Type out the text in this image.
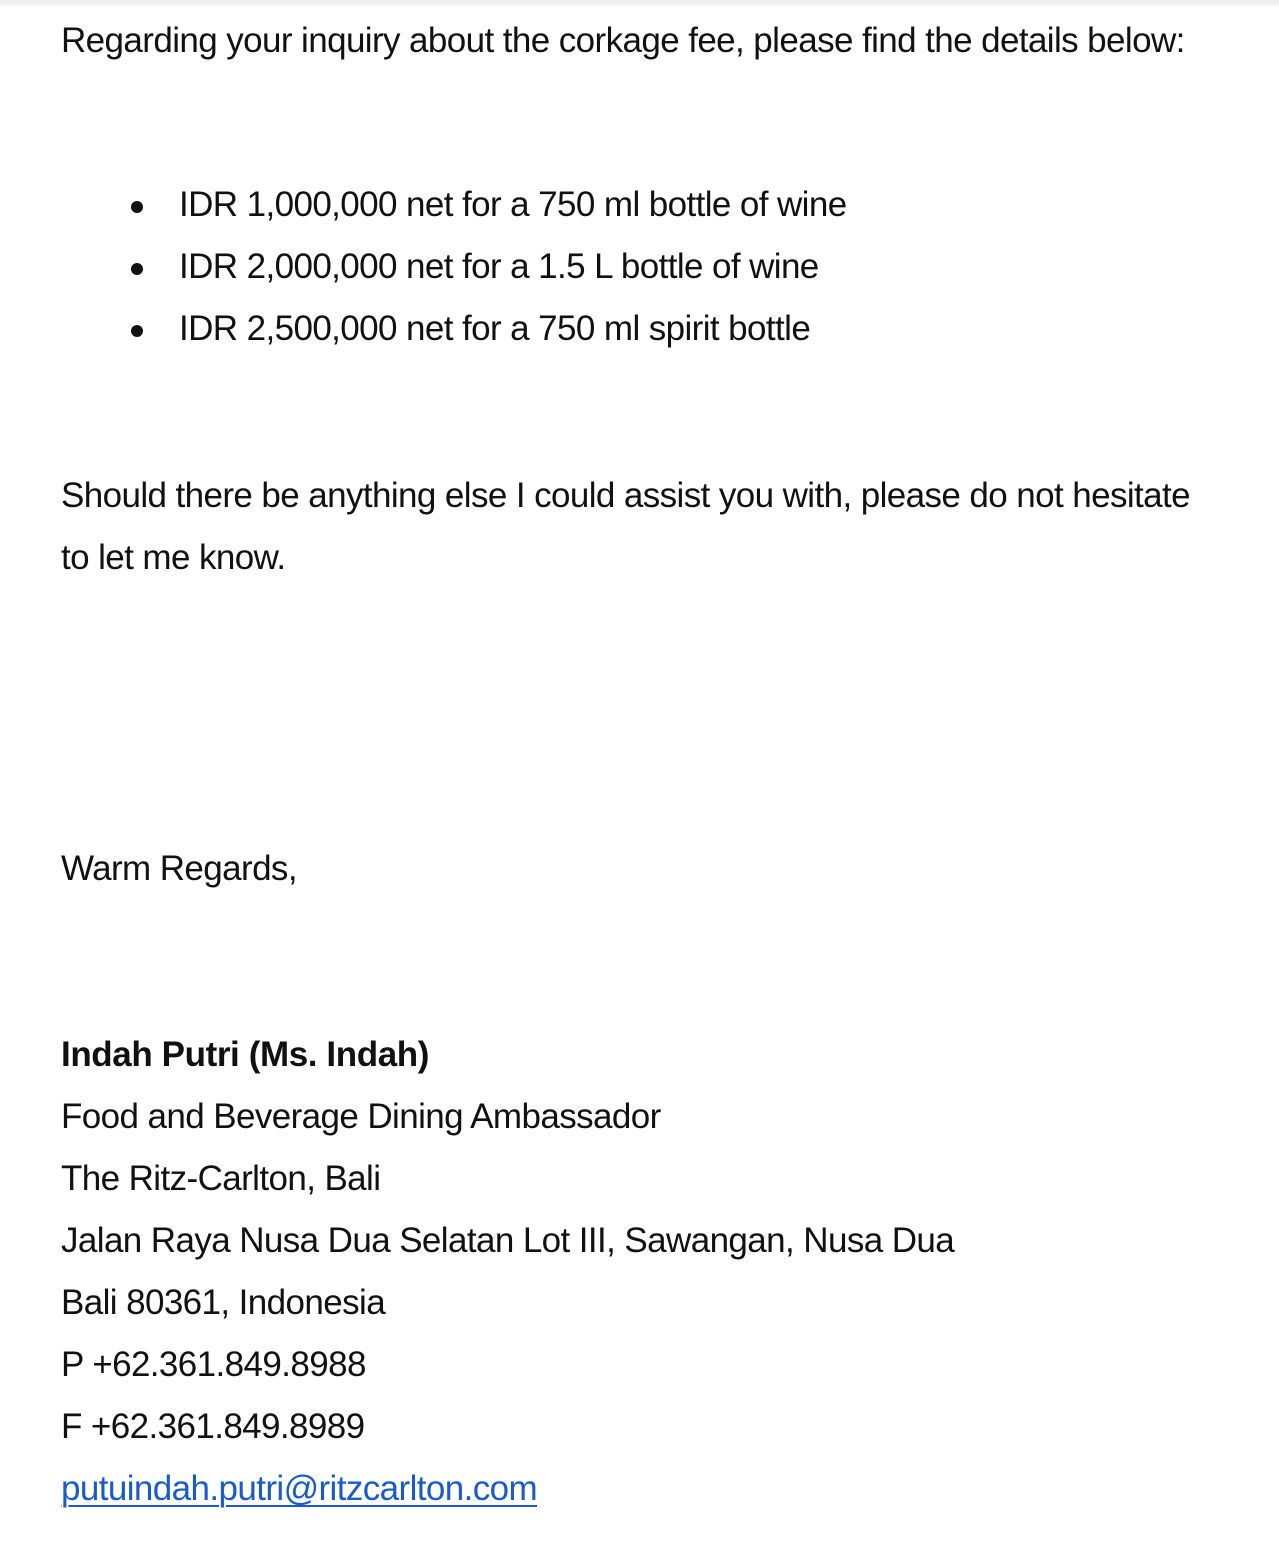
Regarding your inquiry about the corkage fee, please find the details below:

IDR 1,000,000 net for a 750 ml bottle of wine
IDR 2,000,000 net for a 1.5 L bottle of wine
IDR 2,500,000 net for a 750 ml spirit bottle

Should there be anything else I could assist you with, please do not hesitate to let me know.

Warm Regards,
Indah Putri (Ms. Indah)
Food and Beverage Dining Ambassador
The Ritz-Carlton, Bali
Jalan Raya Nusa Dua Selatan Lot III, Sawangan, Nusa Dua
Bali 80361, Indonesia
P +62.361.849.8988
F +62.361.849.8989
putuindah.putri@ritzcarlton.com
